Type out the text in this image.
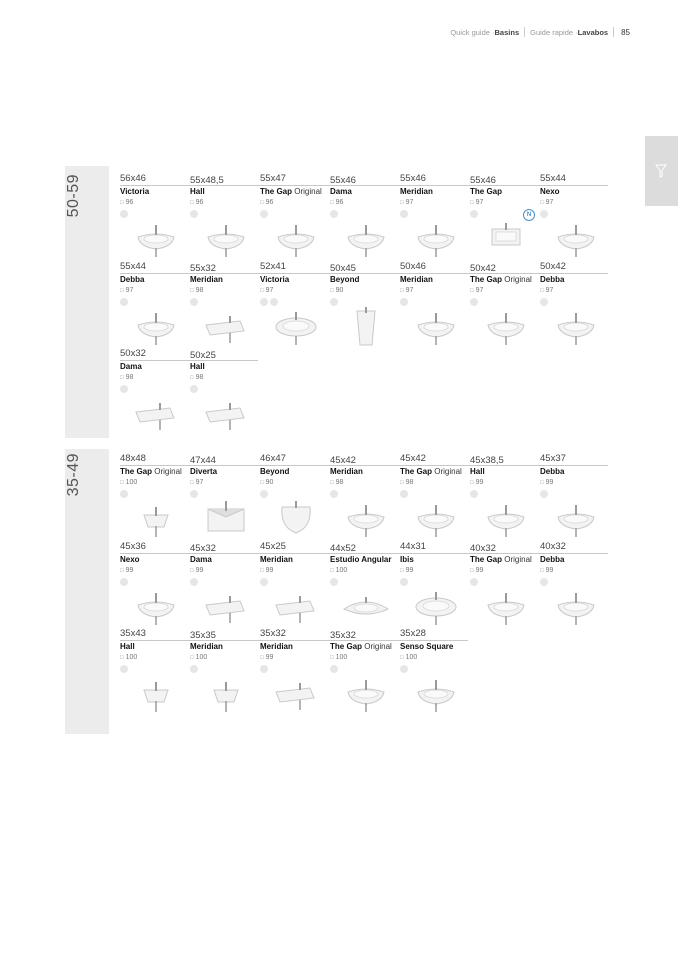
Quick guide · Basins Guide rapide · Lavabos 85
50-59
35-49
56x46
Victoria
□ 96
55x48,5
Hall
□ 96
55x47
The Gap Original
□ 96
55x46
Dama
□ 96
55x46
Meridian
□ 97
55x46
The Gap
□ 97
N
55x44
Nexo
□ 97
55x44
Debba
□ 97
55x32
Meridian
□ 98
52x41
Victoria
□ 97
50x45
Beyond
□ 90
50x46
Meridian
□ 97
50x42
The Gap Original
□ 97
50x42
Debba
□ 97
50x32
Dama
□ 98
50x25
Hall
□ 98
48x48
The Gap Original
□ 100
47x44
Diverta
□ 97
46x47
Beyond
□ 90
45x42
Meridian
□ 98
45x42
The Gap Original
□ 98
45x38,5
Hall
□ 99
45x37
Debba
□ 99
45x36
Nexo
□ 99
45x32
Dama
□ 99
45x25
Meridian
□ 99
44x52
Estudio Angular
□ 100
44x31
Ibis
□ 99
40x32
The Gap Original
□ 99
40x32
Debba
□ 99
35x43
Hall
□ 100
35x35
Meridian
□ 100
35x32
Meridian
□ 99
35x32
The Gap Original
□ 100
35x28
Senso Square
□ 100
